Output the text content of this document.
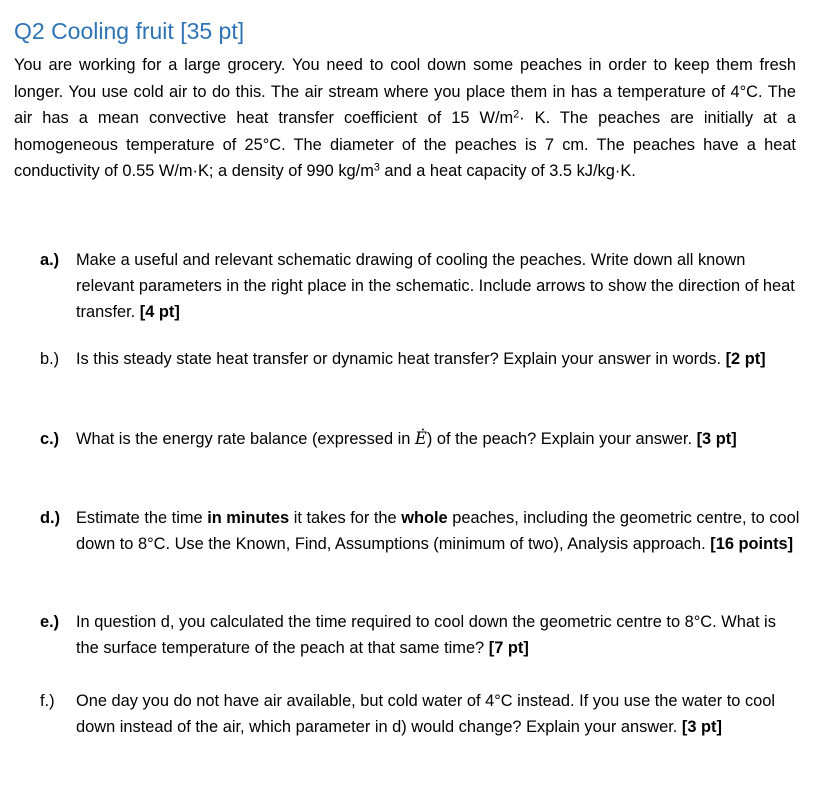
Q2 Cooling fruit [35 pt]

You are working for a large grocery. You need to cool down some peaches in order to keep them fresh longer. You use cold air to do this. The air stream where you place them in has a temperature of 4°C. The air has a mean convective heat transfer coefficient of 15 $W/m^2\cdot K$. The peaches are initially at a homogeneous temperature of 25°C. The diameter of the peaches is 7 cm. The peaches have a heat conductivity of 0.55 W/m·K; a density of 990 $kg/m^3$ and a heat capacity of 3.5 kJ/kg·K.

a.)	Make a useful and relevant schematic drawing of cooling the peaches. Write down all known relevant parameters in the right place in the schematic. Include arrows to show the direction of heat transfer. [4 pt]
b.)	Is this steady state heat transfer or dynamic heat transfer? Explain your answer in words. [2 pt]
c.)	What is the energy rate balance (expressed in Ė) of the peach? Explain your answer. [3 pt]
d.) Estimate the time in minutes it takes for the whole peaches, including the geometric centre, to cool down to 8°C. Use the Known, Find, Assumptions (minimum of two), Analysis approach. [16 points]
e.)	In question d, you calculated the time required to cool down the geometric centre to 8°C. What is the surface temperature of the peach at that same time? [7 pt]
f.)	One day you do not have air available, but cold water of 4°C instead. If you use the water to cool down instead of the air, which parameter in d) would change? Explain your answer. [3 pt]
